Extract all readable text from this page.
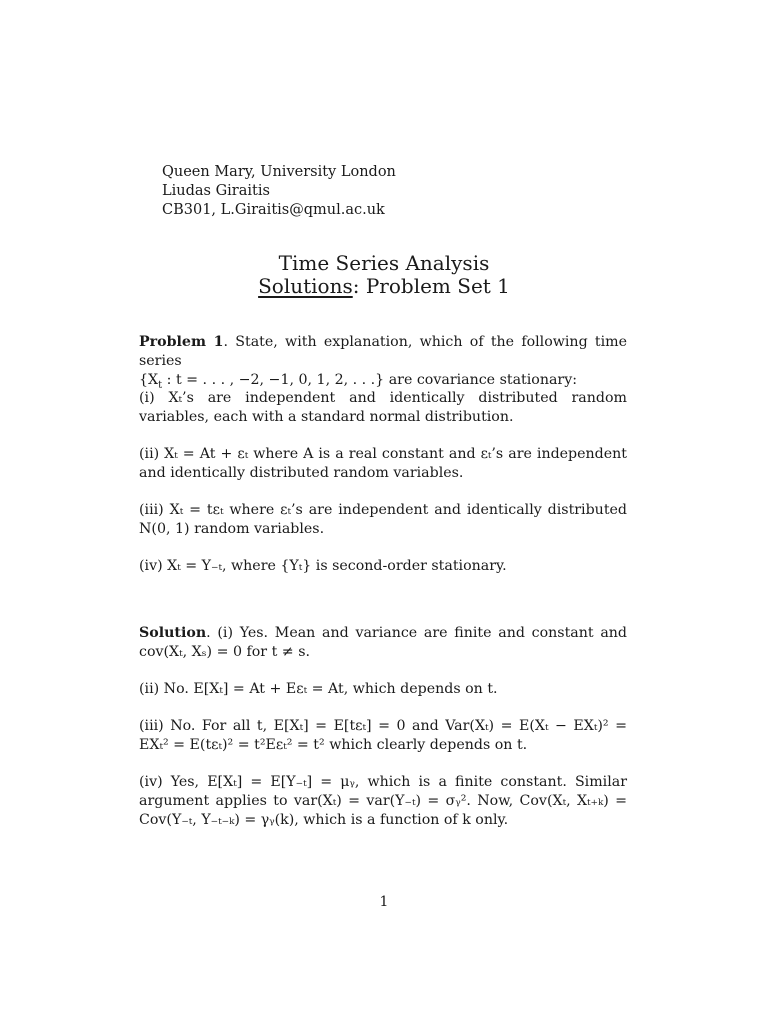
Queen Mary, University London
Liudas Giraitis
CB301, L.Giraitis@qmul.ac.uk
Time Series Analysis
Solutions: Problem Set 1

Problem 1. State, with explanation, which of the following time series

{$X_t$ : t = . . . , −2, −1, 0, 1, 2, . . .} are covariance stationary:

(i) Xₜ’s are independent and identically distributed random variables, each with a standard normal distribution.
(ii) Xₜ = At + εₜ where A is a real constant and εₜ’s are independent and identically distributed random variables.
(iii) Xₜ = tεₜ where εₜ’s are independent and identically distributed N(0, 1) random variables.
(iv) Xₜ = Y₋ₜ, where {Yₜ} is second-order stationary.

Solution. (i) Yes. Mean and variance are finite and constant and cov(Xₜ, Xₛ) = 0 for t ≠ s.

(ii) No. E[Xₜ] = At + Eεₜ = At, which depends on t.
(iii) No. For all t, E[Xₜ] = E[tεₜ] = 0 and Var(Xₜ) = E(Xₜ − EXₜ)² = EXₜ² = E(tεₜ)² = t²Eεₜ² = t² which clearly depends on t.
(iv) Yes, E[Xₜ] = E[Y₋ₜ] = μᵧ, which is a finite constant. Similar argument applies to var(Xₜ) = var(Y₋ₜ) = σᵧ². Now, Cov(Xₜ, Xₜ₊ₖ) = Cov(Y₋ₜ, Y₋ₜ₋ₖ) = γᵧ(k), which is a function of k only.
1
